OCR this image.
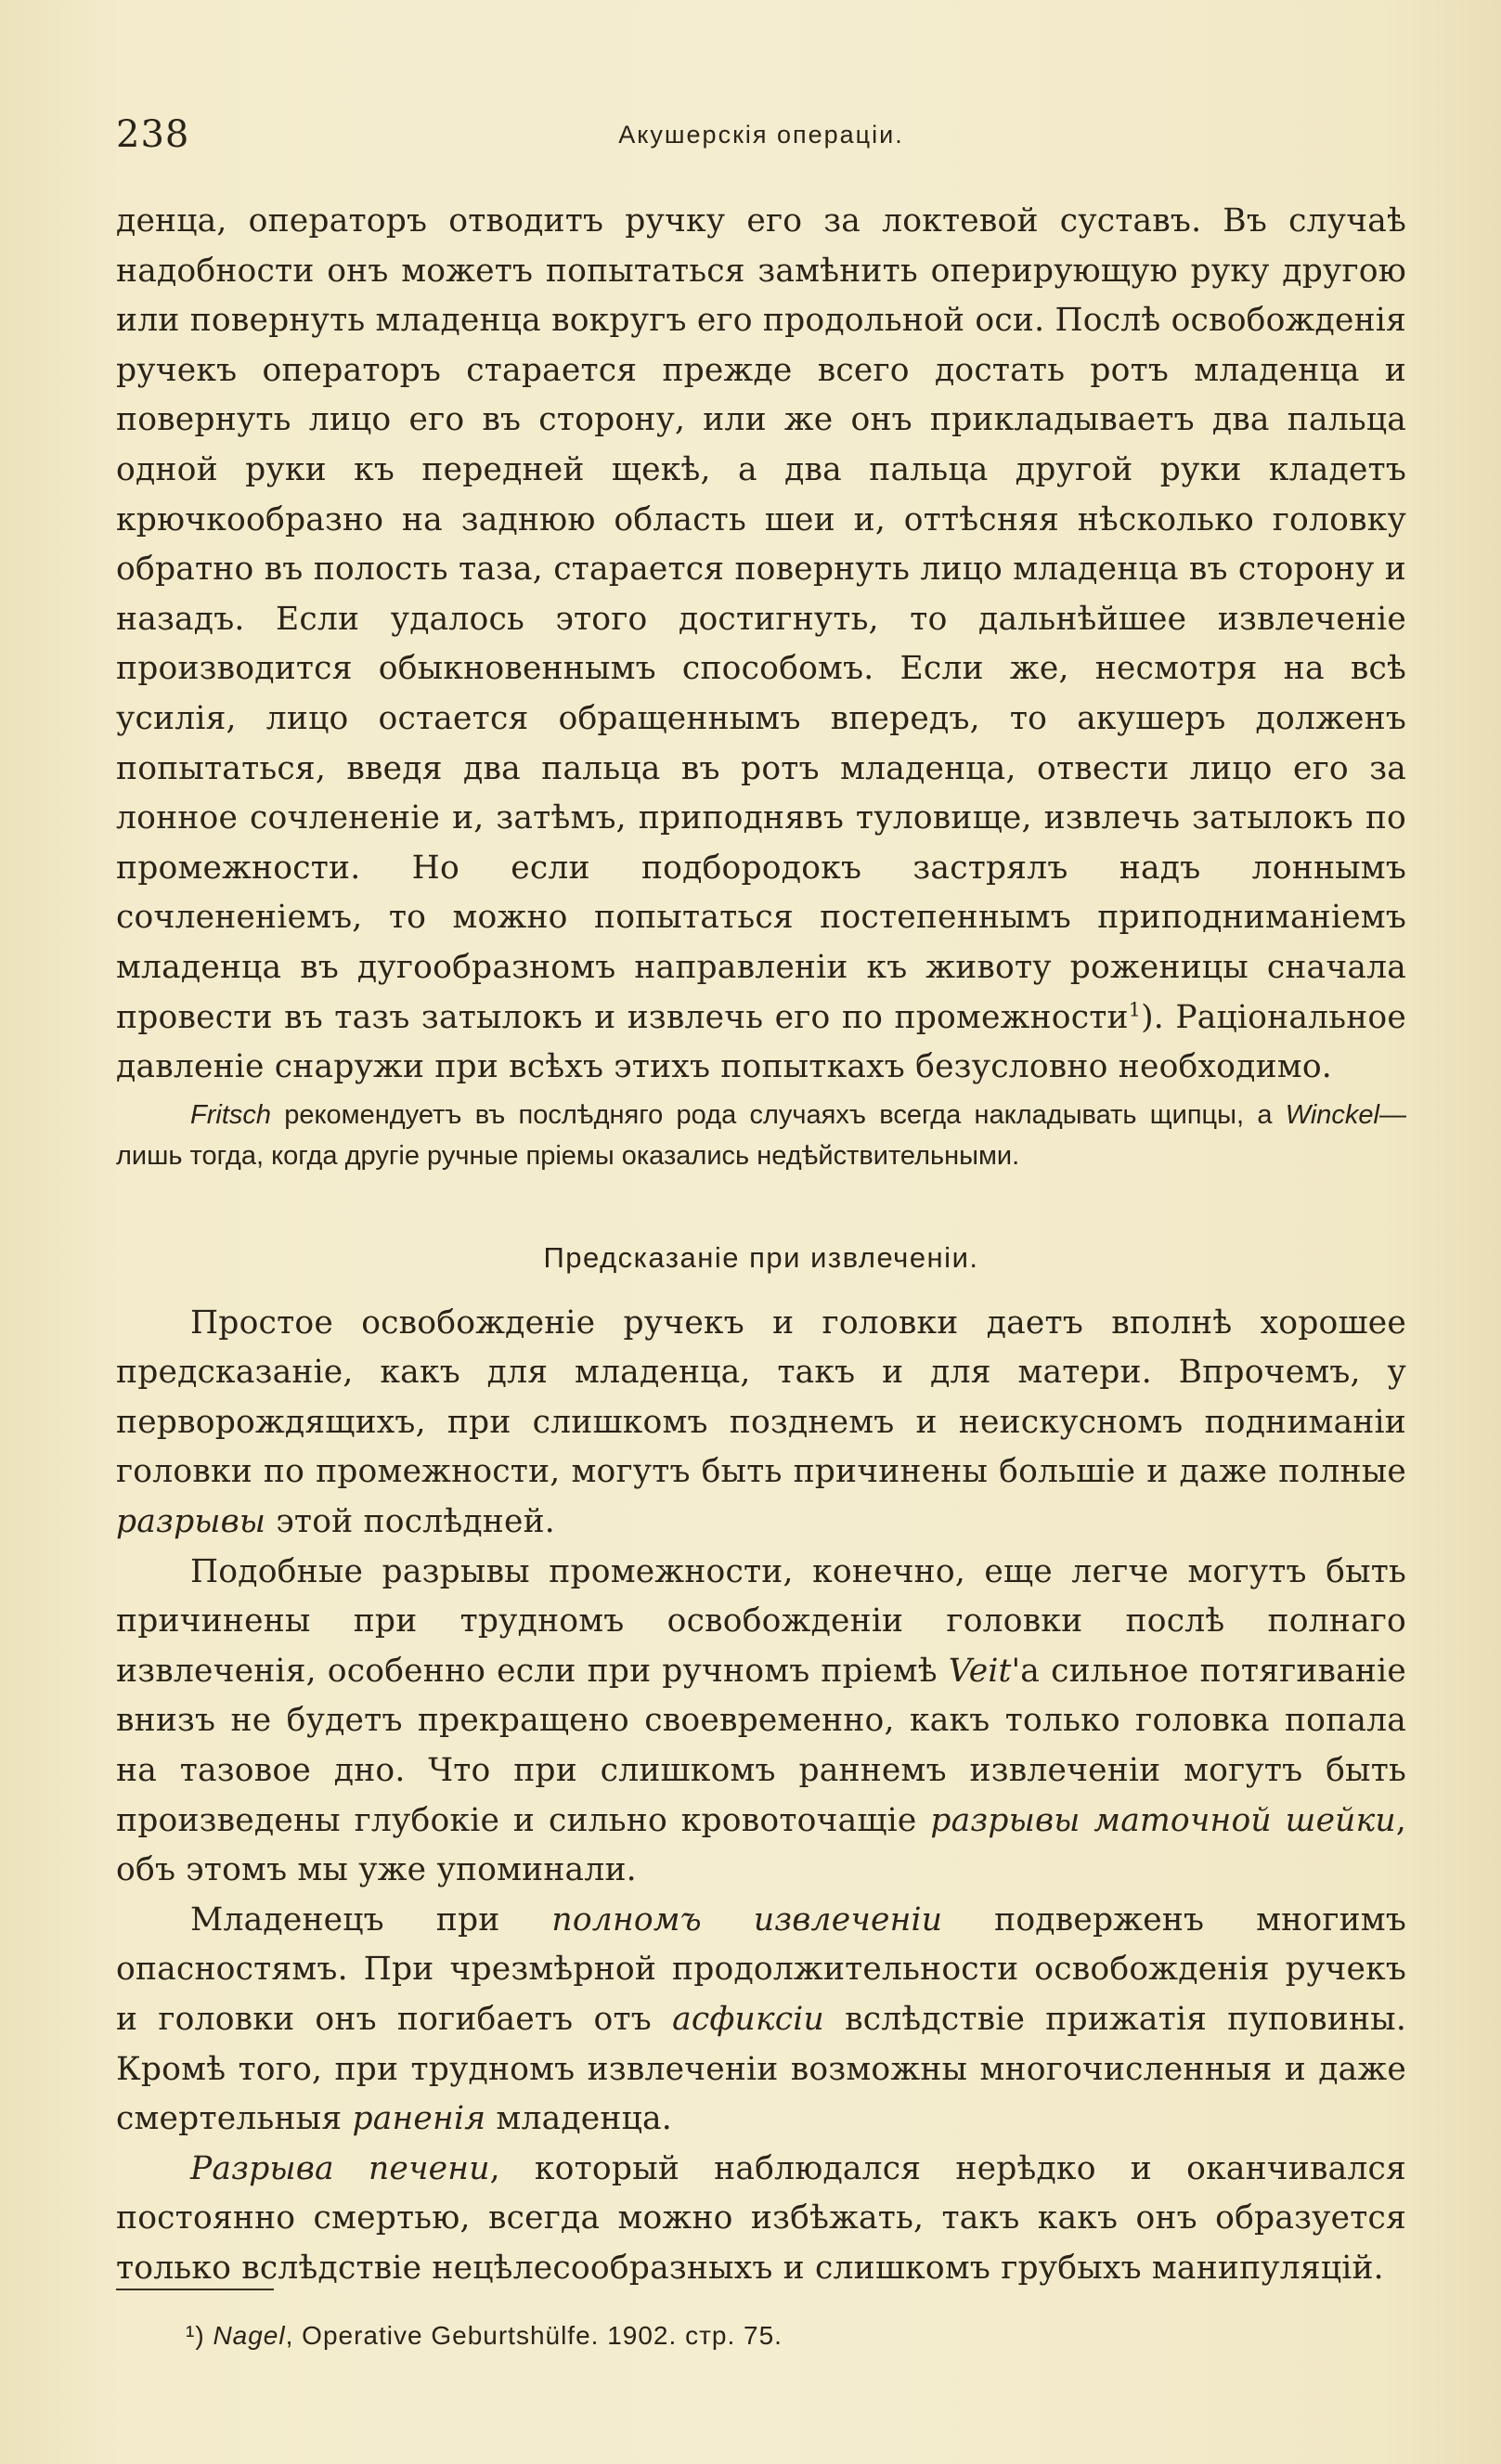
238	Акушерскія операціи.

денца, операторъ отводитъ ручку его за локтевой суставъ. Въ случаѣ надобности онъ можетъ попытаться замѣнить оперирующую руку другою или повернуть младенца вокругъ его продольной оси. Послѣ освобожденія ручекъ операторъ старается прежде всего достать ротъ младенца и повернуть лицо его въ сторону, или же онъ прикладываетъ два пальца одной руки къ передней щекѣ, а два пальца другой руки кладетъ крючкообразно на заднюю область шеи и, оттѣсняя нѣсколько головку обратно въ полость таза, старается повернуть лицо младенца въ сторону и назадъ. Если удалось этого достигнуть, то дальнѣйшее извлеченіе производится обыкновеннымъ способомъ. Если же, несмотря на всѣ усилія, лицо остается обращеннымъ впередъ, то акушеръ долженъ попытаться, введя два пальца въ ротъ младенца, отвести лицо его за лонное сочлененіе и, затѣмъ, приподнявъ туловище, извлечь затылокъ по промежности. Но если подбородокъ застрялъ надъ лоннымъ сочлененіемъ, то можно попытаться постепеннымъ приподниманіемъ младенца въ дугообразномъ направленіи къ животу роженицы сначала провести въ тазъ затылокъ и извлечь его по промежности$^1$). Раціональное давленіе снаружи при всѣхъ этихъ попыткахъ безусловно необходимо.

Fritsch рекомендуетъ въ послѣдняго рода случаяхъ всегда накладывать щипцы, а Winckel—лишь тогда, когда другіе ручные пріемы оказались недѣйствительными.

Предсказаніе при извлеченіи.

Простое освобожденіе ручекъ и головки даетъ вполнѣ хорошее предсказаніе, какъ для младенца, такъ и для матери. Впрочемъ, у перворождящихъ, при слишкомъ позднемъ и неискусномъ подниманіи головки по промежности, могутъ быть причинены большіе и даже полные разрывы этой послѣдней.

Подобные разрывы промежности, конечно, еще легче могутъ быть причинены при трудномъ освобожденіи головки послѣ полнаго извлеченія, особенно если при ручномъ пріемѣ Veit'а сильное потягиваніе внизъ не будетъ прекращено своевременно, какъ только головка попала на тазовое дно. Что при слишкомъ раннемъ извлеченіи могутъ быть произведены глубокіе и сильно кровоточащіе разрывы маточной шейки, объ этомъ мы уже упоминали.

Младенецъ при полномъ извлеченіи подверженъ многимъ опасностямъ. При чрезмѣрной продолжительности освобожденія ручекъ и головки онъ погибаетъ отъ асфиксіи вслѣдствіе прижатія пуповины. Кромѣ того, при трудномъ извлеченіи возможны многочисленныя и даже смертельныя раненія младенца.

Разрыва печени, который наблюдался нерѣдко и оканчивался постоянно смертью, всегда можно избѣжать, такъ какъ онъ образуется только вслѣдствіе нецѣлесообразныхъ и слишкомъ грубыхъ манипуляцій.

¹) Nagel, Operative Geburtshülfe. 1902. стр. 75.
